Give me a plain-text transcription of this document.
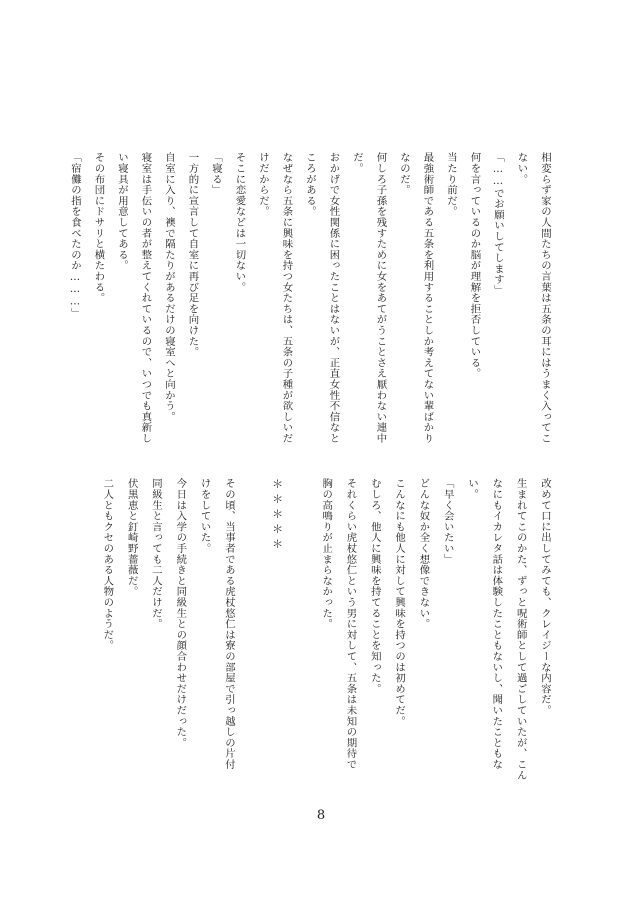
相変らず家の人間たちの言葉は五条の耳にはうまく入ってこ
ない。
「……でお願いしてします」
何を言っているのか脳が理解を拒否している。
当たり前だ。
最強術師である五条を利用することしか考えてない輩ばかり
なのだ。
何しろ子孫を残すために女をあてがうことさえ厭わない連中
だ。
おかげで女性関係に困ったことはないが、正直女性不信なと
ころがある。
なぜなら五条に興味を持つ女たちは、五条の子種が欲しいだ
けだからだ。
そこに恋愛などは一切ない。
「寝る」
一方的に宣言して自室に再び足を向けた。
自室に入り、襖で隔たりがあるだけの寝室へと向かう。
寝室は手伝いの者が整えてくれているので、いつでも真新し
い寝具が用意してある。
その布団にドサリと横たわる。
「宿儺の指を食べたのか………」
改めて口に出してみても、クレイジーな内容だ。
生まれてこのかた、ずっと呪術師として過ごしていたが、こん
なにもイカレタ話は体験したこともないし、聞いたこともな
い。
「早く会いたい」
どんな奴か全く想像できない。
こんなにも他人に対して興味を持つのは初めてだ。
むしろ、他人に興味を持てることを知った。
それくらい虎杖悠仁という男に対して、五条は未知の期待で
胸の高鳴りが止まらなかった。
＊＊＊＊＊
その頃、当事者である虎杖悠仁は寮の部屋で引っ越しの片付
けをしていた。
今日は入学の手続きと同級生との顔合わせだけだった。
同級生と言っても二人だけだ。
伏黒恵と釘崎野薔薇だ。
二人ともクセのある人物のようだ。
8
